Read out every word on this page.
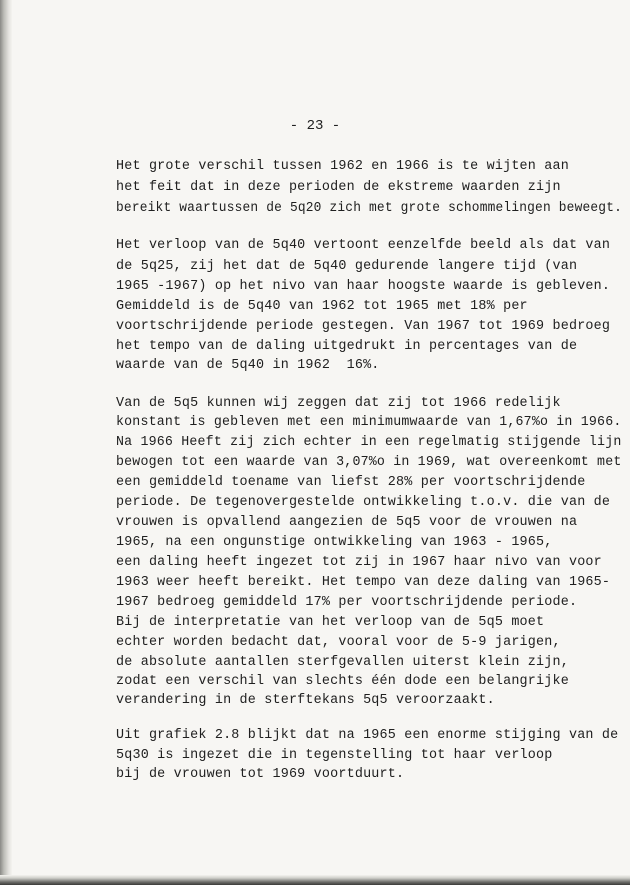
- 23 -
Het grote verschil tussen 1962 en 1966 is te wijten aan
het feit dat in deze perioden de ekstreme waarden zijn
bereikt waartussen de 5q20 zich met grote schommelingen beweegt.
Het verloop van de 5q40 vertoont eenzelfde beeld als dat van
de 5q25, zij het dat de 5q40 gedurende langere tijd (van
1965 -1967) op het nivo van haar hoogste waarde is gebleven.
Gemiddeld is de 5q40 van 1962 tot 1965 met 18% per
voortschrijdende periode gestegen. Van 1967 tot 1969 bedroeg
het tempo van de daling uitgedrukt in percentages van de
waarde van de 5q40 in 1962  16%.
Van de 5q5 kunnen wij zeggen dat zij tot 1966 redelijk
konstant is gebleven met een minimumwaarde van 1,67%o in 1966.
Na 1966 Heeft zij zich echter in een regelmatig stijgende lijn
bewogen tot een waarde van 3,07%o in 1969, wat overeenkomt met
een gemiddeld toename van liefst 28% per voortschrijdende
periode. De tegenovergestelde ontwikkeling t.o.v. die van de
vrouwen is opvallend aangezien de 5q5 voor de vrouwen na
1965, na een ongunstige ontwikkeling van 1963 - 1965,
een daling heeft ingezet tot zij in 1967 haar nivo van voor
1963 weer heeft bereikt. Het tempo van deze daling van 1965-
1967 bedroeg gemiddeld 17% per voortschrijdende periode.
Bij de interpretatie van het verloop van de 5q5 moet
echter worden bedacht dat, vooral voor de 5-9 jarigen,
de absolute aantallen sterfgevallen uiterst klein zijn,
zodat een verschil van slechts één dode een belangrijke
verandering in de sterftekans 5q5 veroorzaakt.
Uit grafiek 2.8 blijkt dat na 1965 een enorme stijging van de
5q30 is ingezet die in tegenstelling tot haar verloop
bij de vrouwen tot 1969 voortduurt.
